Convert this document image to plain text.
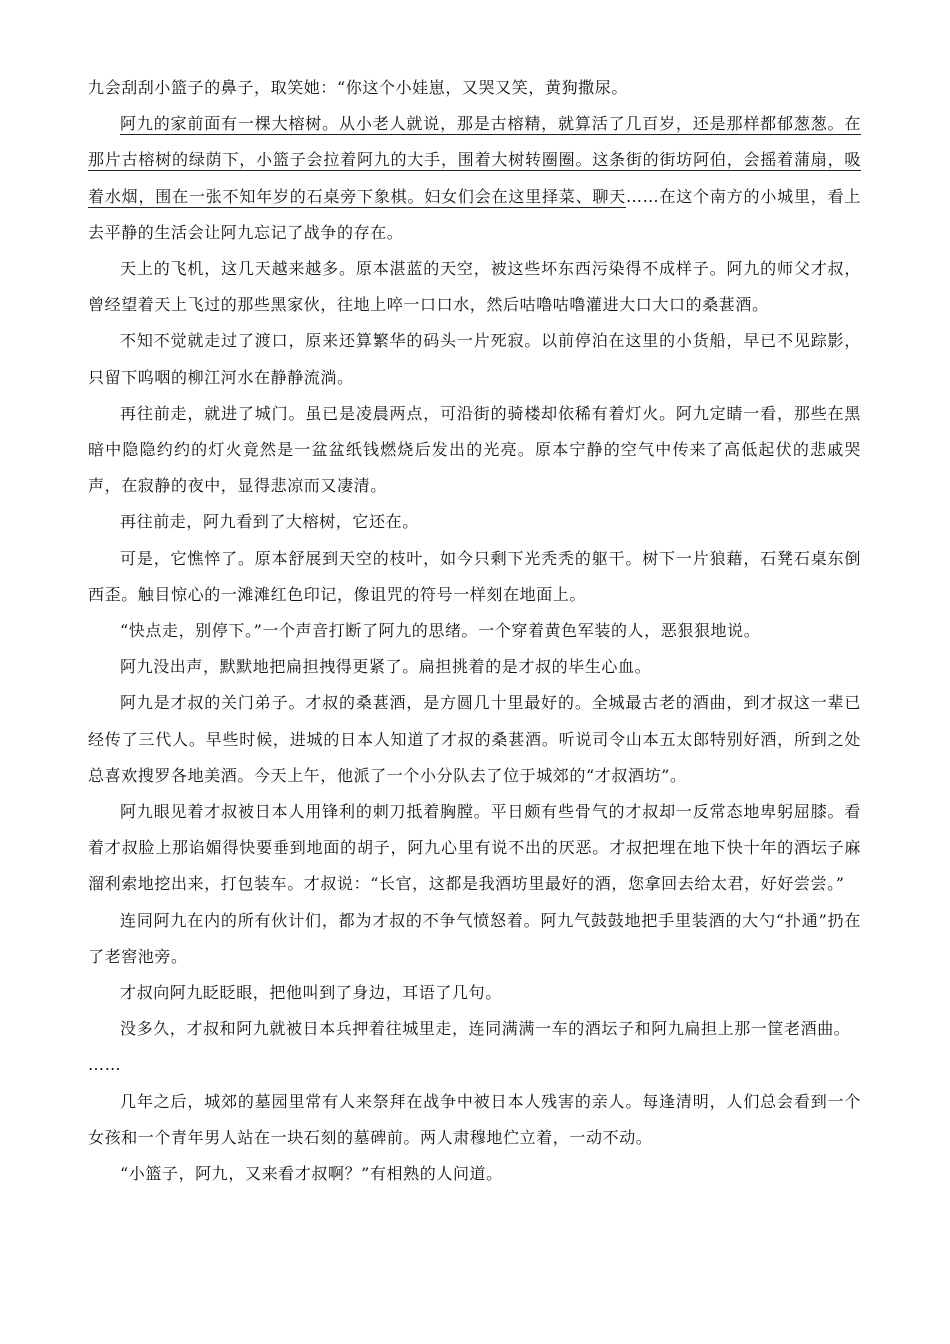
九会刮刮小篮子的鼻子，取笑她：“你这个小娃崽，又哭又笑，黄狗撒尿。

阿九的家前面有一棵大榕树。从小老人就说，那是古榕精，就算活了几百岁，还是那样都郁葱葱。在那片古榕树的绿荫下，小篮子会拉着阿九的大手，围着大树转圈圈。这条街的街坊阿伯，会摇着蒲扇，吸着水烟，围在一张不知年岁的石桌旁下象棋。妇女们会在这里择菜、聊天……在这个南方的小城里，看上去平静的生活会让阿九忘记了战争的存在。

天上的飞机，这几天越来越多。原本湛蓝的天空，被这些坏东西污染得不成样子。阿九的师父才叔，曾经望着天上飞过的那些黑家伙，往地上啐一口口水，然后咕噜咕噜灌进大口大口的桑葚酒。

不知不觉就走过了渡口，原来还算繁华的码头一片死寂。以前停泊在这里的小货船，早已不见踪影，只留下呜咽的柳江河水在静静流淌。

再往前走，就进了城门。虽已是凌晨两点，可沿街的骑楼却依稀有着灯火。阿九定睛一看，那些在黑暗中隐隐约约的灯火竟然是一盆盆纸钱燃烧后发出的光亮。原本宁静的空气中传来了高低起伏的悲戚哭声，在寂静的夜中，显得悲凉而又凄清。

再往前走，阿九看到了大榕树，它还在。

可是，它憔悴了。原本舒展到天空的枝叶，如今只剩下光秃秃的躯干。树下一片狼藉，石凳石桌东倒西歪。触目惊心的一滩滩红色印记，像诅咒的符号一样刻在地面上。

“快点走，别停下。”一个声音打断了阿九的思绪。一个穿着黄色军装的人，恶狠狠地说。

阿九没出声，默默地把扁担拽得更紧了。扁担挑着的是才叔的毕生心血。

阿九是才叔的关门弟子。才叔的桑葚酒，是方圆几十里最好的。全城最古老的酒曲，到才叔这一辈已经传了三代人。早些时候，进城的日本人知道了才叔的桑葚酒。听说司令山本五太郎特别好酒，所到之处总喜欢搜罗各地美酒。今天上午，他派了一个小分队去了位于城郊的“才叔酒坊”。

阿九眼见着才叔被日本人用锋利的刺刀抵着胸膛。平日颇有些骨气的才叔却一反常态地卑躬屈膝。看着才叔脸上那谄媚得快要垂到地面的胡子，阿九心里有说不出的厌恶。才叔把埋在地下快十年的酒坛子麻溜利索地挖出来，打包装车。才叔说：“长官，这都是我酒坊里最好的酒，您拿回去给太君，好好尝尝。”

连同阿九在内的所有伙计们，都为才叔的不争气愤怒着。阿九气鼓鼓地把手里装酒的大勺“扑通”扔在了老窖池旁。

才叔向阿九眨眨眼，把他叫到了身边，耳语了几句。

没多久，才叔和阿九就被日本兵押着往城里走，连同满满一车的酒坛子和阿九扁担上那一筐老酒曲。

……

几年之后，城郊的墓园里常有人来祭拜在战争中被日本人残害的亲人。每逢清明，人们总会看到一个女孩和一个青年男人站在一块石刻的墓碑前。两人肃穆地伫立着，一动不动。

“小篮子，阿九，又来看才叔啊？”有相熟的人问道。
